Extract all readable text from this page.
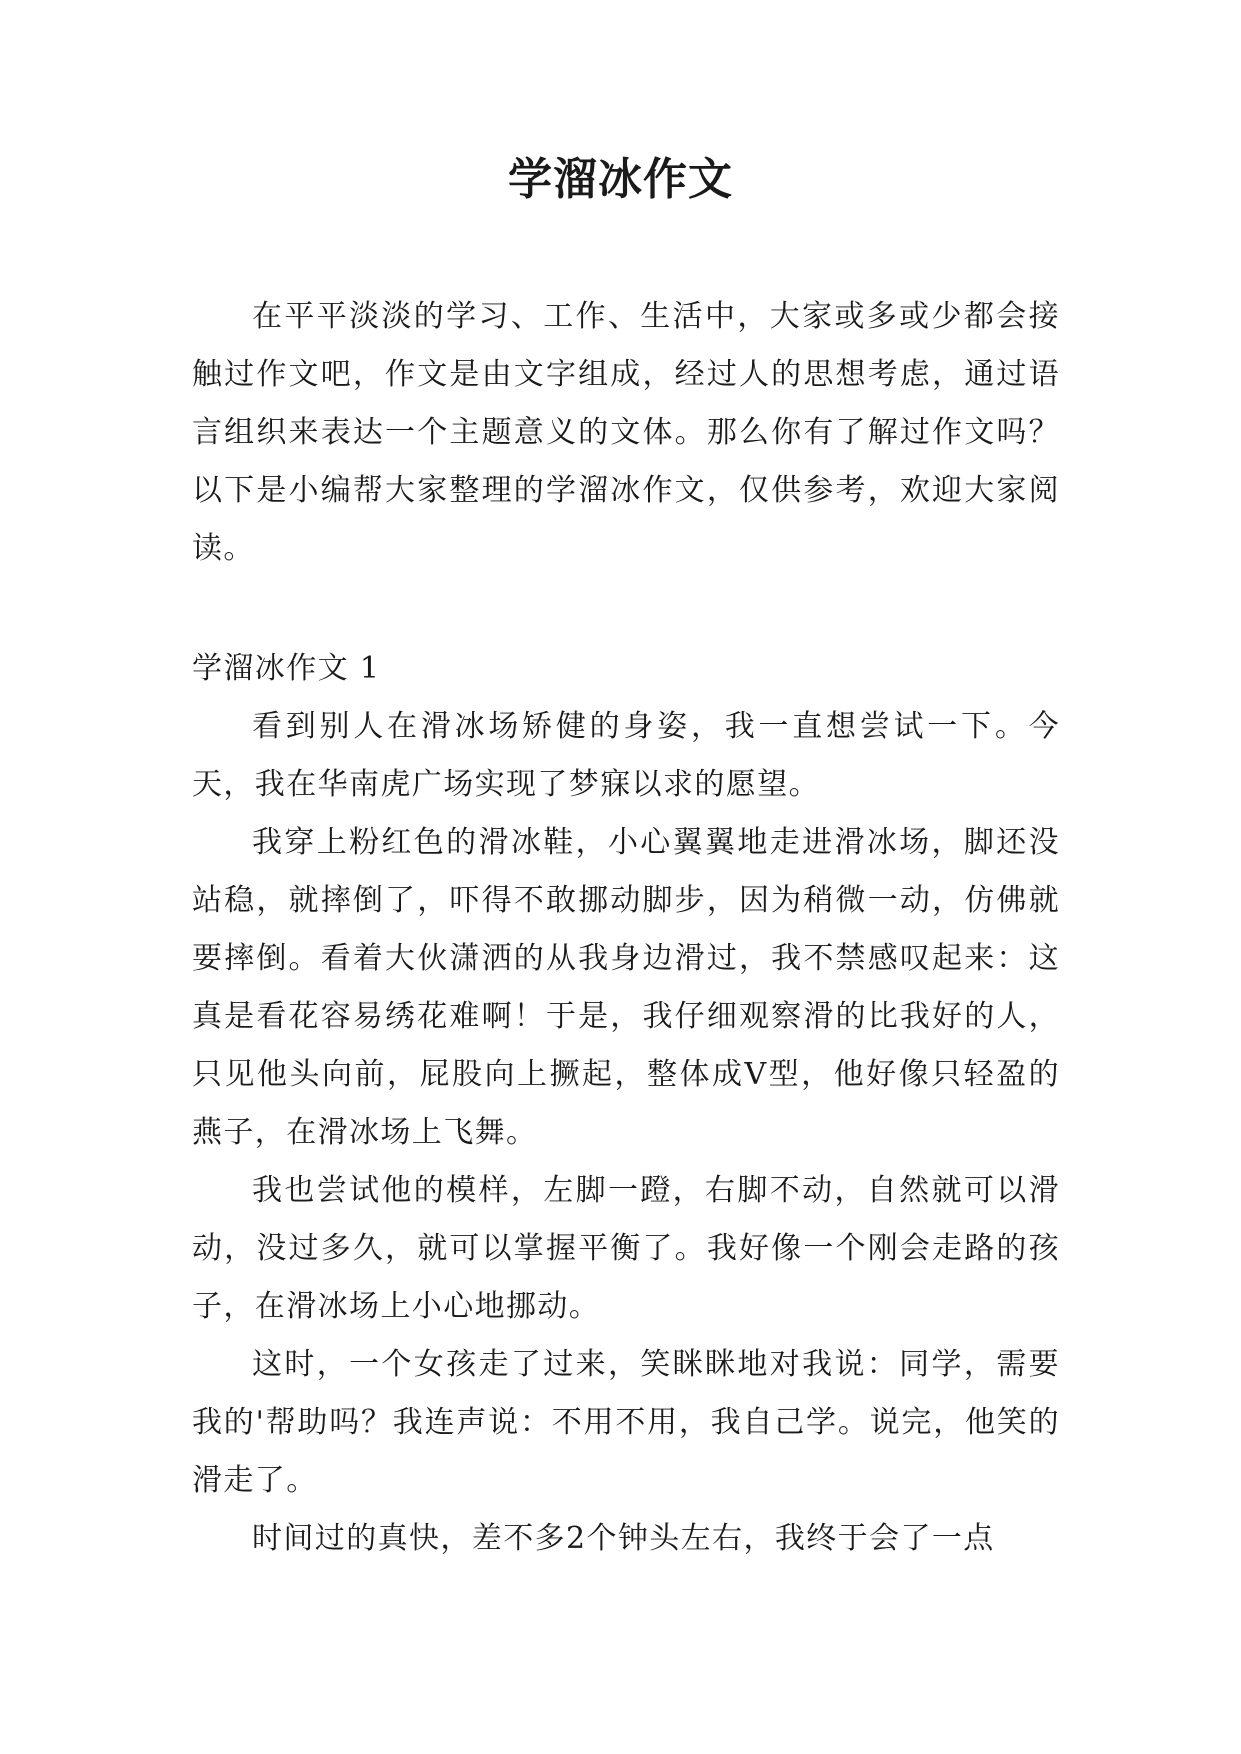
学溜冰作文

在平平淡淡的学习、工作、生活中，大家或多或少都会接触过作文吧，作文是由文字组成，经过人的思想考虑，通过语言组织来表达一个主题意义的文体。那么你有了解过作文吗？以下是小编帮大家整理的学溜冰作文，仅供参考，欢迎大家阅读。

学溜冰作文 1

看到别人在滑冰场矫健的身姿，我一直想尝试一下。今天，我在华南虎广场实现了梦寐以求的愿望。

我穿上粉红色的滑冰鞋，小心翼翼地走进滑冰场，脚还没站稳，就摔倒了，吓得不敢挪动脚步，因为稍微一动，仿佛就要摔倒。看着大伙潇洒的从我身边滑过，我不禁感叹起来：这真是看花容易绣花难啊！于是，我仔细观察滑的比我好的人，只见他头向前，屁股向上撅起，整体成V型，他好像只轻盈的燕子，在滑冰场上飞舞。

我也尝试他的模样，左脚一蹬，右脚不动，自然就可以滑动，没过多久，就可以掌握平衡了。我好像一个刚会走路的孩子，在滑冰场上小心地挪动。

这时，一个女孩走了过来，笑眯眯地对我说：同学，需要我的'帮助吗？我连声说：不用不用，我自己学。说完，他笑的滑走了。

时间过的真快，差不多2个钟头左右，我终于会了一点
